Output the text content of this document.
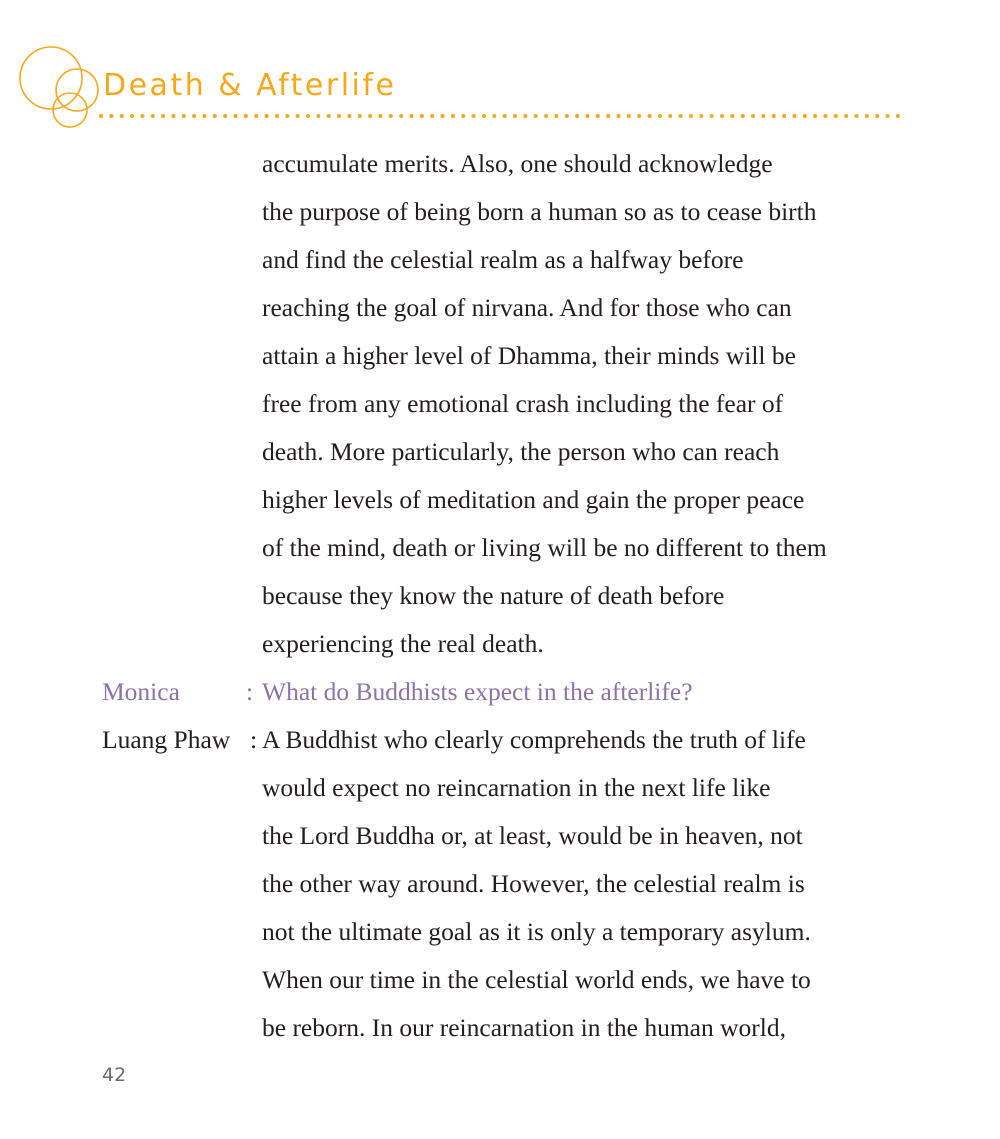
Death & Afterlife
accumulate merits. Also, one should acknowledge
the purpose of being born a human so as to cease birth
and find the celestial realm as a halfway before
reaching the goal of nirvana. And for those who can
attain a higher level of Dhamma, their minds will be
free from any emotional crash including the fear of
death. More particularly, the person who can reach
higher levels of meditation and gain the proper peace
of the mind, death or living will be no different to them
because they know the nature of death before
experiencing the real death.
Monica	: What do Buddhists expect in the afterlife?
Luang Phaw : A Buddhist who clearly comprehends the truth of life
would expect no reincarnation in the next life like
the Lord Buddha or, at least, would be in heaven, not
the other way around. However, the celestial realm is
not the ultimate goal as it is only a temporary asylum.
When our time in the celestial world ends, we have to
be reborn. In our reincarnation in the human world,
42
